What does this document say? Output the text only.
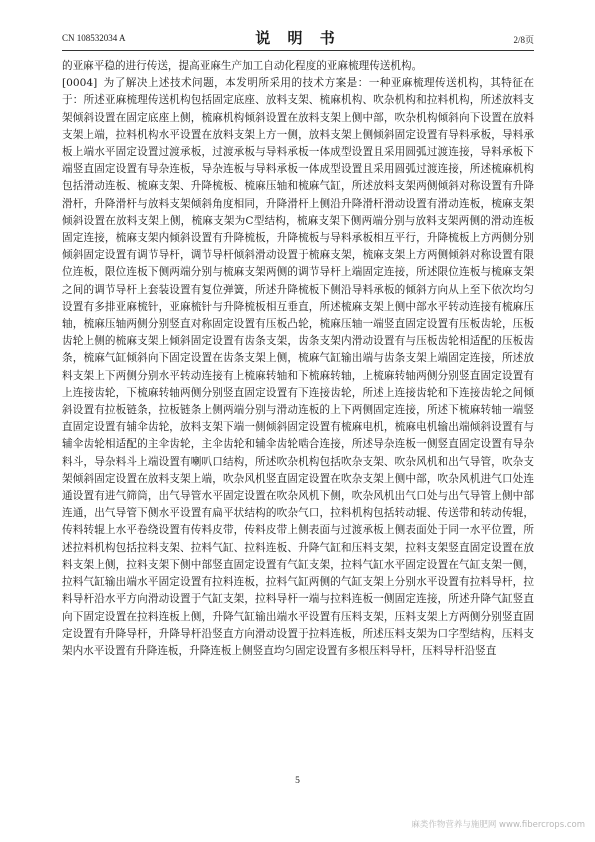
CN 108532034 A	说 明 书	2/8页

的亚麻平稳的进行传送，提高亚麻生产加工自动化程度的亚麻梳理传送机构。

[0004] 为了解决上述技术问题，本发明所采用的技术方案是：一种亚麻梳理传送机构，其特征在于：所述亚麻梳理传送机构包括固定底座、放料支架、梳麻机构、吹杂机构和拉料机构，所述放料支架倾斜设置在固定底座上侧，梳麻机构倾斜设置在放料支架上侧中部，吹杂机构倾斜向下设置在放料支架上端，拉料机构水平设置在放料支架上方一侧，放料支架上侧倾斜固定设置有导料承板，导料承板上端水平固定设置过渡承板，过渡承板与导料承板一体成型设置且采用圆弧过渡连接，导料承板下端竖直固定设置有导杂连板，导杂连板与导料承板一体成型设置且采用圆弧过渡连接，所述梳麻机构包括滑动连板、梳麻支架、升降梳板、梳麻压轴和梳麻气缸，所述放料支架两侧倾斜对称设置有升降滑杆，升降滑杆与放料支架倾斜角度相同，升降滑杆上侧沿升降滑杆滑动设置有滑动连板，梳麻支架倾斜设置在放料支架上侧，梳麻支架为C型结构，梳麻支架下侧两端分别与放料支架两侧的滑动连板固定连接，梳麻支架内倾斜设置有升降梳板，升降梳板与导料承板相互平行，升降梳板上方两侧分别倾斜固定设置有调节导杆，调节导杆倾斜滑动设置于梳麻支架，梳麻支架上方两侧倾斜对称设置有限位连板，限位连板下侧两端分别与梳麻支架两侧的调节导杆上端固定连接，所述限位连板与梳麻支架之间的调节导杆上套装设置有复位弹簧，所述升降梳板下侧沿导料承板的倾斜方向从上至下依次均匀设置有多排亚麻梳针，亚麻梳针与升降梳板相互垂直，所述梳麻支架上侧中部水平转动连接有梳麻压轴，梳麻压轴两侧分别竖直对称固定设置有压板凸轮，梳麻压轴一端竖直固定设置有压板齿轮，压板齿轮上侧的梳麻支架上倾斜固定设置有齿条支架，齿条支架内滑动设置有与压板齿轮相适配的压板齿条，梳麻气缸倾斜向下固定设置在齿条支架上侧，梳麻气缸输出端与齿条支架上端固定连接，所述放料支架上下两侧分别水平转动连接有上梳麻转轴和下梳麻转轴，上梳麻转轴两侧分别竖直固定设置有上连接齿轮，下梳麻转轴两侧分别竖直固定设置有下连接齿轮，所述上连接齿轮和下连接齿轮之间倾斜设置有拉板链条，拉板链条上侧两端分别与滑动连板的上下两侧固定连接，所述下梳麻转轴一端竖直固定设置有辅伞齿轮，放料支架下端一侧倾斜固定设置有梳麻电机，梳麻电机输出端倾斜设置有与辅伞齿轮相适配的主伞齿轮，主伞齿轮和辅伞齿轮啮合连接，所述导杂连板一侧竖直固定设置有导杂料斗，导杂料斗上端设置有喇叭口结构，所述吹杂机构包括吹杂支架、吹杂风机和出气导管，吹杂支架倾斜固定设置在放料支架上端，吹杂风机竖直固定设置在吹杂支架上侧中部，吹杂风机进气口处连通设置有进气筛筒，出气导管水平固定设置在吹杂风机下侧，吹杂风机出气口处与出气导管上侧中部连通，出气导管下侧水平设置有扁平状结构的吹杂气口，拉料机构包括转动辊、传送带和转动传辊，传料转辊上水平卷绕设置有传料皮带，传料皮带上侧表面与过渡承板上侧表面处于同一水平位置，所述拉料机构包括拉料支架、拉料气缸、拉料连板、升降气缸和压料支架，拉料支架竖直固定设置在放料支架上侧，拉料支架下侧中部竖直固定设置有气缸支架，拉料气缸水平固定设置在气缸支架一侧，拉料气缸输出端水平固定设置有拉料连板，拉料气缸两侧的气缸支架上分别水平设置有拉料导杆，拉料导杆沿水平方向滑动设置于气缸支架，拉料导杆一端与拉料连板一侧固定连接，所述升降气缸竖直向下固定设置在拉料连板上侧，升降气缸输出端水平设置有压料支架，压料支架上方两侧分别竖直固定设置有升降导杆，升降导杆沿竖直方向滑动设置于拉料连板，所述压料支架为口字型结构，压料支架内水平设置有升降连板，升降连板上侧竖直均匀固定设置有多根压料导杆，压料导杆沿竖直

5
麻类作物营养与施肥网 www.fibercrops.com
